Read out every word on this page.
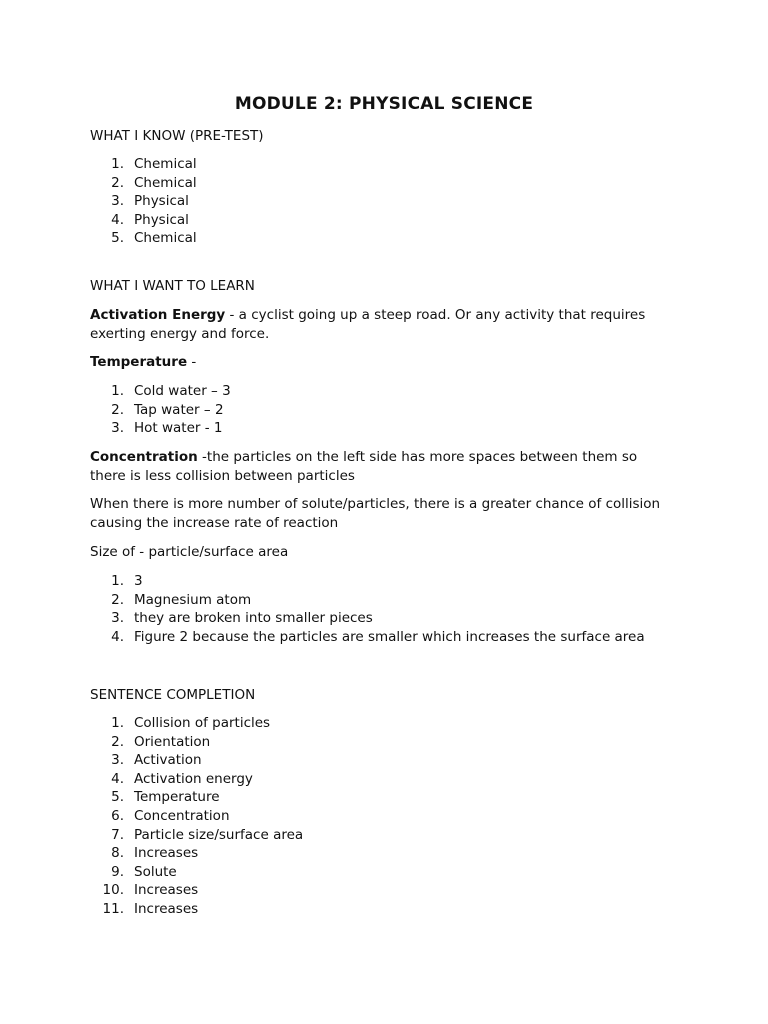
MODULE 2: PHYSICAL SCIENCE
WHAT I KNOW (PRE-TEST)
1. Chemical
2. Chemical
3. Physical
4. Physical
5. Chemical
WHAT I WANT TO LEARN
Activation Energy - a cyclist going up a steep road. Or any activity that requires exerting energy and force.
Temperature -
1. Cold water – 3
2. Tap water – 2
3. Hot water - 1
Concentration -the particles on the left side has more spaces between them so there is less collision between particles
When there is more number of solute/particles, there is a greater chance of collision causing the increase rate of reaction
Size of - particle/surface area
1. 3
2. Magnesium atom
3. they are broken into smaller pieces
4. Figure 2 because the particles are smaller which increases the surface area
SENTENCE COMPLETION
1. Collision of particles
2. Orientation
3. Activation
4. Activation energy
5. Temperature
6. Concentration
7. Particle size/surface area
8. Increases
9. Solute
10. Increases
11. Increases
